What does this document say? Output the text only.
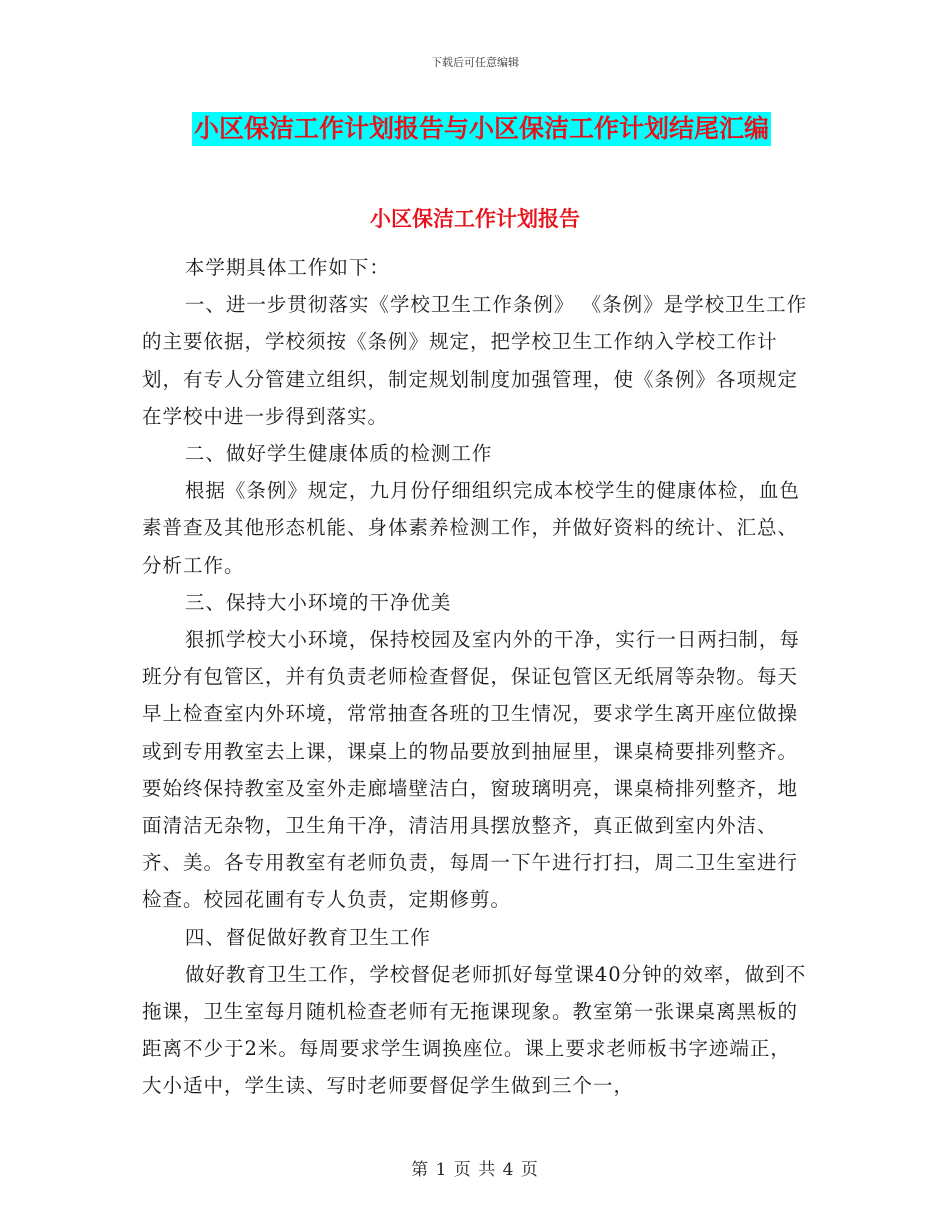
下载后可任意编辑
小区保洁工作计划报告与小区保洁工作计划结尾汇编
小区保洁工作计划报告

本学期具体工作如下：

一、进一步贯彻落实《学校卫生工作条例》 《条例》是学校卫生工作的主要依据，学校须按《条例》规定，把学校卫生工作纳入学校工作计划，有专人分管建立组织，制定规划制度加强管理，使《条例》各项规定在学校中进一步得到落实。

二、做好学生健康体质的检测工作

根据《条例》规定，九月份仔细组织完成本校学生的健康体检，血色素普查及其他形态机能、身体素养检测工作，并做好资料的统计、汇总、分析工作。

三、保持大小环境的干净优美

狠抓学校大小环境，保持校园及室内外的干净，实行一日两扫制，每班分有包管区，并有负责老师检查督促，保证包管区无纸屑等杂物。每天早上检查室内外环境，常常抽查各班的卫生情况，要求学生离开座位做操或到专用教室去上课，课桌上的物品要放到抽屉里，课桌椅要排列整齐。要始终保持教室及室外走廊墙壁洁白，窗玻璃明亮，课桌椅排列整齐，地面清洁无杂物，卫生角干净，清洁用具摆放整齐，真正做到室内外洁、齐、美。各专用教室有老师负责，每周一下午进行打扫，周二卫生室进行检查。校园花圃有专人负责，定期修剪。

四、督促做好教育卫生工作

做好教育卫生工作，学校督促老师抓好每堂课40分钟的效率，做到不拖课，卫生室每月随机检查老师有无拖课现象。教室第一张课桌离黑板的距离不少于2米。每周要求学生调换座位。课上要求老师板书字迹端正，大小适中，学生读、写时老师要督促学生做到三个一，

第 1 页 共 4 页
